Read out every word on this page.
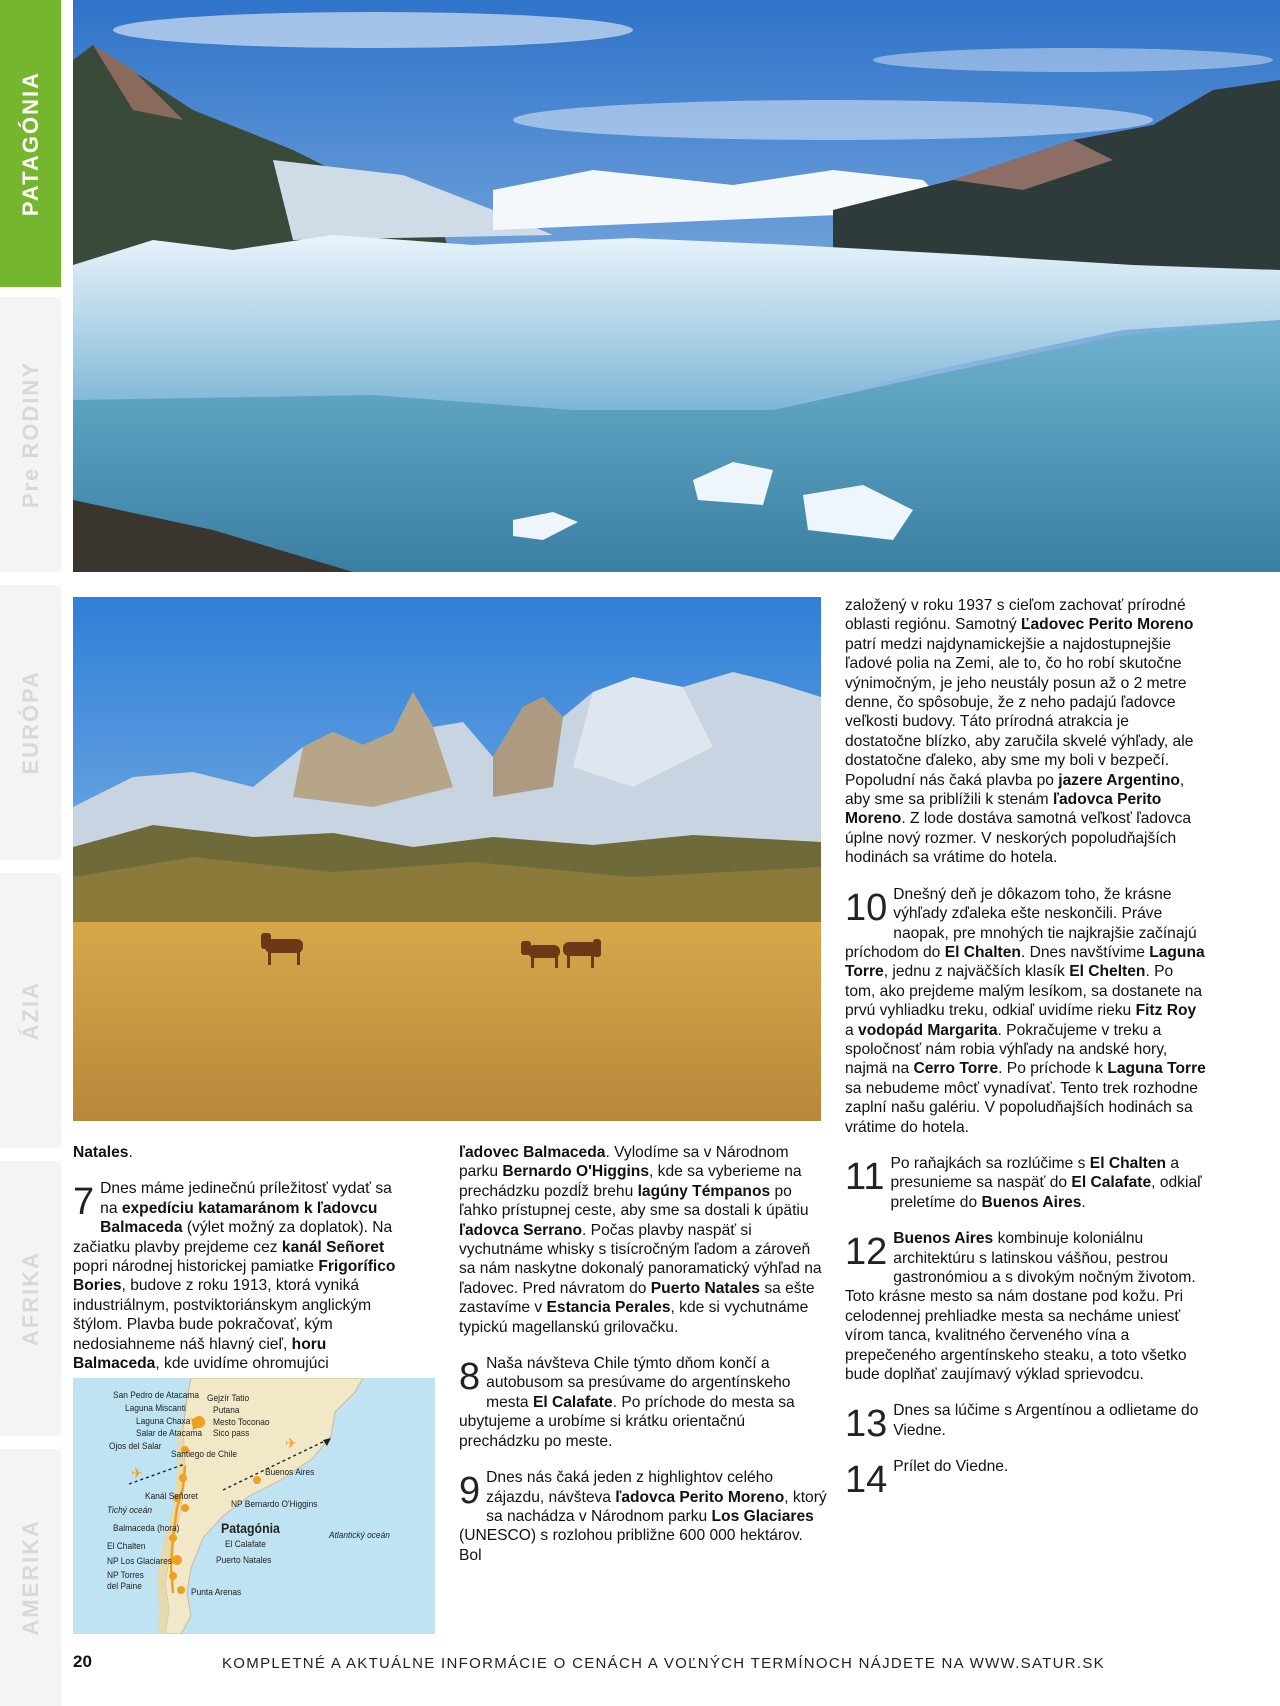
PATAGÓNIA
Pre RODINY
EURÓPA
ÁZIA
AFRIKA
AMERIKA

Natales.

7 Dnes máme jedinečnú príležitosť vydať sa na expedíciu katamaránom k ľadovcu Balmaceda (výlet možný za doplatok). Na začiatku plavby prejdeme cez kanál Señoret popri národnej historickej pamiatke Frigorífico Bories, budove z roku 1913, ktorá vyniká industriálnym, postviktoriánskym anglickým štýlom. Plavba bude pokračovať, kým nedosiahneme náš hlavný cieľ, horu Balmaceda, kde uvidíme ohromujúci

✈
✈
San Pedro de Atacama
Laguna Miscanti
Laguna Chaxa
Salar de Atacama
Ojos del Salar
Gejzír Tatio
Putana
Mesto Toconao
Sico pass
Santiego de Chile
Buenos Aires
Kanál Señoret
Tichý oceán
NP Bernardo O'Higgins
Balmaceda (hora)	Patagónia	Atlantický oceán
El Chalten	El Calafate
NP Los Glaciares	Puerto Natales
NP Torres del Paine
Punta Arenas

ľadovec Balmaceda. Vylodíme sa v Národnom parku Bernardo O'Higgins, kde sa vyberieme na prechádzku pozdĺž brehu lagúny Témpanos po ľahko prístupnej ceste, aby sme sa dostali k úpätiu ľadovca Serrano. Počas plavby naspäť si vychutnáme whisky s tisícročným ľadom a zároveň sa nám naskytne dokonalý panoramatický výhľad na ľadovec. Pred návratom do Puerto Natales sa ešte zastavíme v Estancia Perales, kde si vychutnáme typickú magellanskú grilovačku.

8 Naša návšteva Chile týmto dňom končí a autobusom sa presúvame do argentínskeho mesta El Calafate. Po príchode do mesta sa ubytujeme a urobíme si krátku orientačnú prechádzku po meste.

9 Dnes nás čaká jeden z highlightov celého zájazdu, návšteva ľadovca Perito Moreno, ktorý sa nachádza v Národnom parku Los Glaciares (UNESCO) s rozlohou približne 600 000 hektárov. Bol

založený v roku 1937 s cieľom zachovať prírodné oblasti regiónu. Samotný Ľadovec Perito Moreno patrí medzi najdynamickejšie a najdostupnejšie ľadové polia na Zemi, ale to, čo ho robí skutočne výnimočným, je jeho neustály posun až o 2 metre denne, čo spôsobuje, že z neho padajú ľadovce veľkosti budovy. Táto prírodná atrakcia je dostatočne blízko, aby zaručila skvelé výhľady, ale dostatočne ďaleko, aby sme my boli v bezpečí. Popoludní nás čaká plavba po jazere Argentino, aby sme sa priblížili k stenám ľadovca Perito Moreno. Z lode dostáva samotná veľkosť ľadovca úplne nový rozmer. V neskorých popoludňajších hodinách sa vrátime do hotela.

10 Dnešný deň je dôkazom toho, že krásne výhľady zďaleka ešte neskončili. Práve naopak, pre mnohých tie najkrajšie začínajú príchodom do El Chalten. Dnes navštívime Laguna Torre, jednu z najväčších klasík El Chelten. Po tom, ako prejdeme malým lesíkom, sa dostanete na prvú vyhliadku treku, odkiaľ uvidíme rieku Fitz Roy a vodopád Margarita. Pokračujeme v treku a spoločnosť nám robia výhľady na andské hory, najmä na Cerro Torre. Po príchode k Laguna Torre sa nebudeme môcť vynadívať. Tento trek rozhodne zaplní našu galériu. V popoludňajších hodinách sa vrátime do hotela.

11 Po raňajkách sa rozlúčime s El Chalten a presunieme sa naspäť do El Calafate, odkiaľ preletíme do Buenos Aires.

12 Buenos Aires kombinuje koloniálnu architektúru s latinskou vášňou, pestrou gastronómiou a s divokým nočným životom. Toto krásne mesto sa nám dostane pod kožu. Pri celodennej prehliadke mesta sa necháme uniesť vírom tanca, kvalitného červeného vína a prepečeného argentínskeho steaku, a toto všetko bude doplňať zaujímavý výklad sprievodcu.

13 Dnes sa lúčime s Argentínou a odlietame do Viedne.

14 Prílet do Viedne.

20	KOMPLETNÉ A AKTUÁLNE INFORMÁCIE O CENÁCH A VOĽNÝCH TERMÍNOCH NÁJDETE NA WWW.SATUR.SK
